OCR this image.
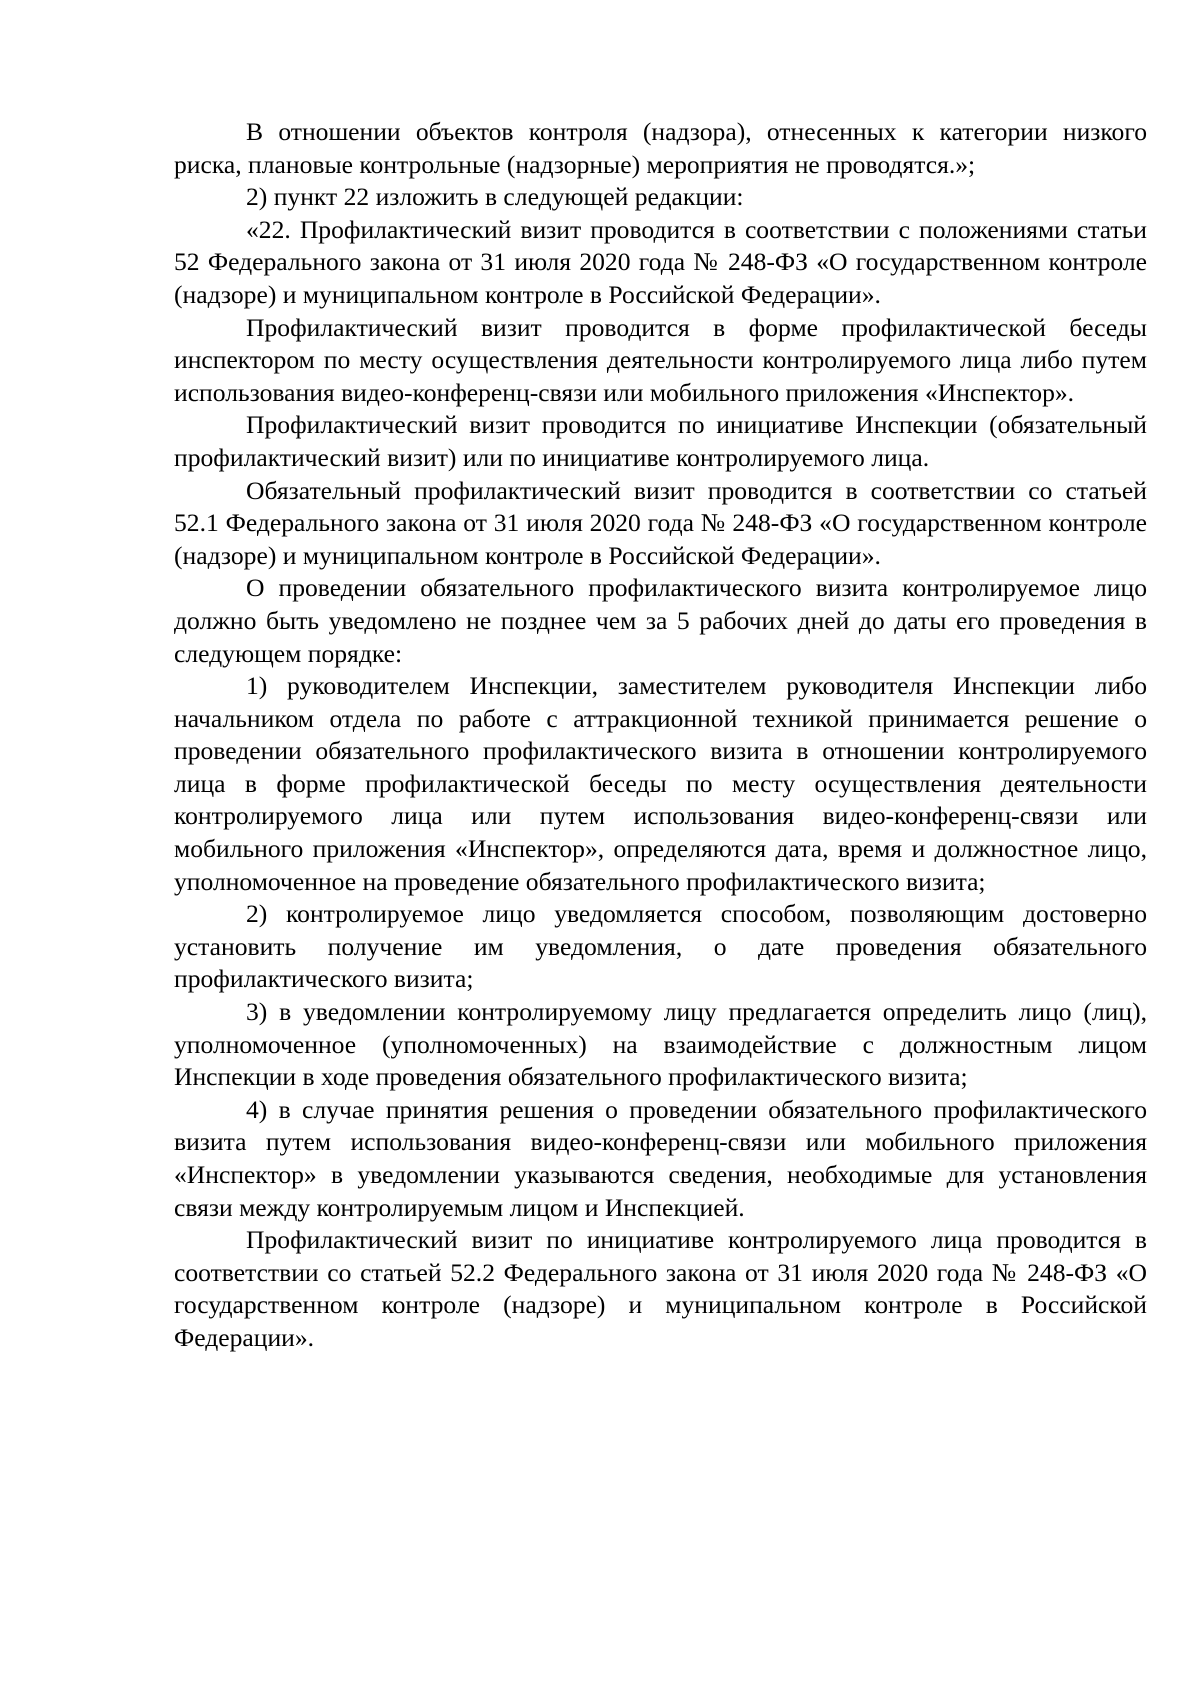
В отношении объектов контроля (надзора), отнесенных к категории низкого риска, плановые контрольные (надзорные) мероприятия не проводятся.»;

2) пункт 22 изложить в следующей редакции:

«22. Профилактический визит проводится в соответствии с положениями статьи 52 Федерального закона от 31 июля 2020 года № 248-ФЗ «О государственном контроле (надзоре) и муниципальном контроле в Российской Федерации».

Профилактический визит проводится в форме профилактической беседы инспектором по месту осуществления деятельности контролируемого лица либо путем использования видео-конференц-связи или мобильного приложения «Инспектор».

Профилактический визит проводится по инициативе Инспекции (обязательный профилактический визит) или по инициативе контролируемого лица.

Обязательный профилактический визит проводится в соответствии со статьей 52.1 Федерального закона от 31 июля 2020 года № 248-ФЗ «О государственном контроле (надзоре) и муниципальном контроле в Российской Федерации».

О проведении обязательного профилактического визита контролируемое лицо должно быть уведомлено не позднее чем за 5 рабочих дней до даты его проведения в следующем порядке:

1) руководителем Инспекции, заместителем руководителя Инспекции либо начальником отдела по работе с аттракционной техникой принимается решение о проведении обязательного профилактического визита в отношении контролируемого лица в форме профилактической беседы по месту осуществления деятельности контролируемого лица или путем использования видео-конференц-связи или мобильного приложения «Инспектор», определяются дата, время и должностное лицо, уполномоченное на проведение обязательного профилактического визита;

2) контролируемое лицо уведомляется способом, позволяющим достоверно установить получение им уведомления, о дате проведения обязательного профилактического визита;

3) в уведомлении контролируемому лицу предлагается определить лицо (лиц), уполномоченное (уполномоченных) на взаимодействие с должностным лицом Инспекции в ходе проведения обязательного профилактического визита;

4) в случае принятия решения о проведении обязательного профилактического визита путем использования видео-конференц-связи или мобильного приложения «Инспектор» в уведомлении указываются сведения, необходимые для установления связи между контролируемым лицом и Инспекцией.

Профилактический визит по инициативе контролируемого лица проводится в соответствии со статьей 52.2 Федерального закона от 31 июля 2020 года № 248-ФЗ «О государственном контроле (надзоре) и муниципальном контроле в Российской Федерации».
